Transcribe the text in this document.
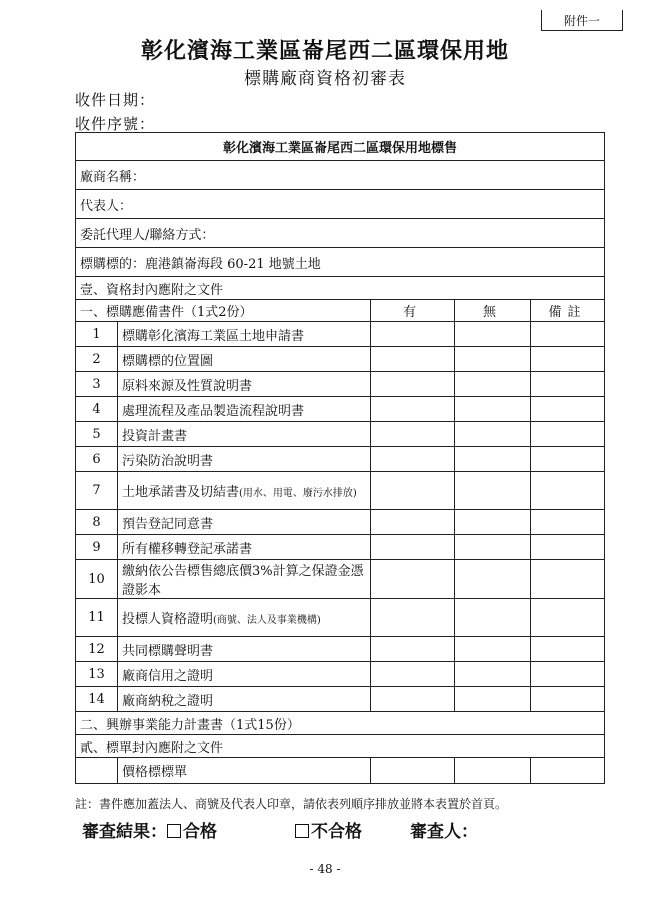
附件一
彰化濱海工業區崙尾西二區環保用地
標購廠商資格初審表
收件日期：
收件序號：
彰化濱海工業區崙尾西二區環保用地標售				
廠商名稱：				
代表人：				
委託代理人/聯絡方式：				
標購標的：鹿港鎮崙海段 60-21 地號土地				
壹、資格封內應附之文件				
一、標購應備書件（1式2份）		有	無	備註
1	標購彰化濱海工業區土地申請書			
2	標購標的位置圖			
3	原料來源及性質說明書			
4	處理流程及產品製造流程說明書			
5	投資計畫書			
6	污染防治說明書			
7	土地承諾書及切結書(用水、用電、廢污水排放)			
8	預告登記同意書			
9	所有權移轉登記承諾書			
10	繳納依公告標售總底價3%計算之保證金憑證影本			
11	投標人資格證明(商號、法人及事業機構)			
12	共同標購聲明書			
13	廠商信用之證明			
14	廠商納稅之證明			
二、興辦事業能力計畫書（1式15份）				
貳、標單封內應附之文件				
	價格標標單			
註：書件應加蓋法人、商號及代表人印章，請依表列順序排放並將本表置於首頁。
審查結果： 合格	不合格	審查人：
- 48 -
